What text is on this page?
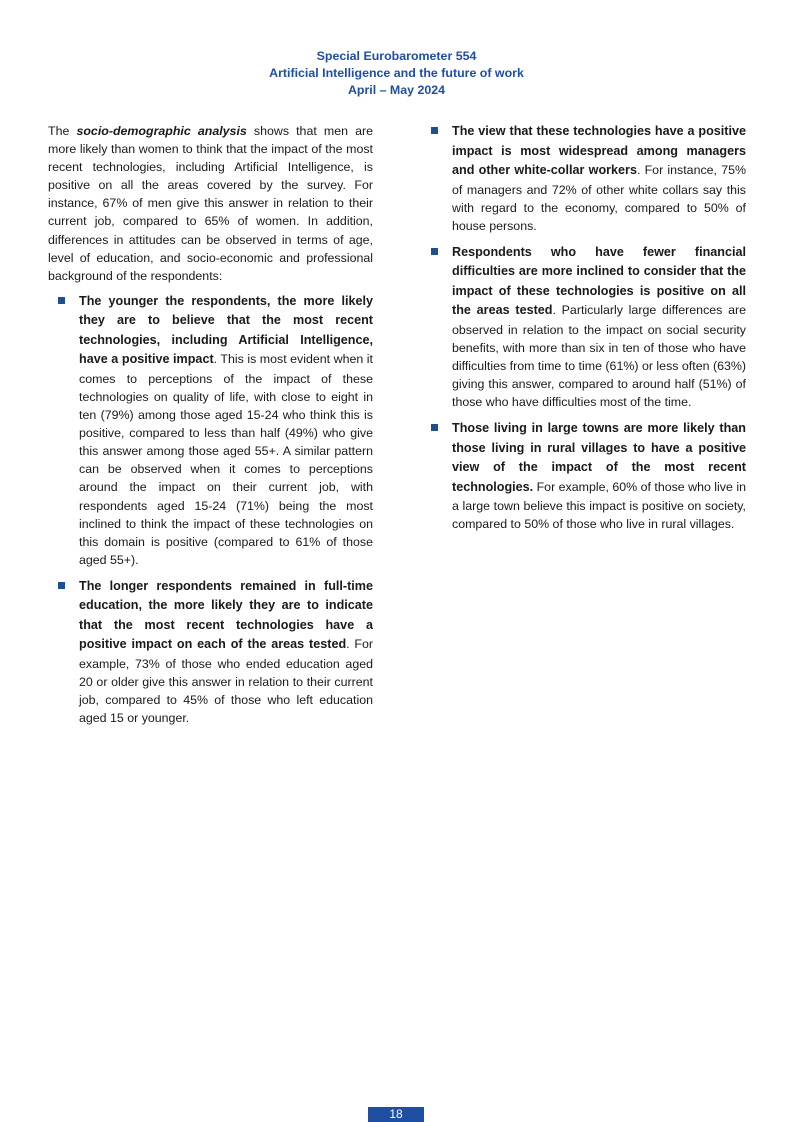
Special Eurobarometer 554
Artificial Intelligence and the future of work
April – May 2024

The socio-demographic analysis shows that men are more likely than women to think that the impact of the most recent technologies, including Artificial Intelligence, is positive on all the areas covered by the survey. For instance, 67% of men give this answer in relation to their current job, compared to 65% of women. In addition, differences in attitudes can be observed in terms of age, level of education, and socio-economic and professional background of the respondents:

The younger the respondents, the more likely they are to believe that the most recent technologies, including Artificial Intelligence, have a positive impact. This is most evident when it comes to perceptions of the impact of these technologies on quality of life, with close to eight in ten (79%) among those aged 15-24 who think this is positive, compared to less than half (49%) who give this answer among those aged 55+. A similar pattern can be observed when it comes to perceptions around the impact on their current job, with respondents aged 15-24 (71%) being the most inclined to think the impact of these technologies on this domain is positive (compared to 61% of those aged 55+).
The longer respondents remained in full-time education, the more likely they are to indicate that the most recent technologies have a positive impact on each of the areas tested. For example, 73% of those who ended education aged 20 or older give this answer in relation to their current job, compared to 45% of those who left education aged 15 or younger.
The view that these technologies have a positive impact is most widespread among managers and other white-collar workers. For instance, 75% of managers and 72% of other white collars say this with regard to the economy, compared to 50% of house persons.
Respondents who have fewer financial difficulties are more inclined to consider that the impact of these technologies is positive on all the areas tested. Particularly large differences are observed in relation to the impact on social security benefits, with more than six in ten of those who have difficulties from time to time (61%) or less often (63%) giving this answer, compared to around half (51%) of those who have difficulties most of the time.
Those living in large towns are more likely than those living in rural villages to have a positive view of the impact of the most recent technologies. For example, 60% of those who live in a large town believe this impact is positive on society, compared to 50% of those who live in rural villages.
18
